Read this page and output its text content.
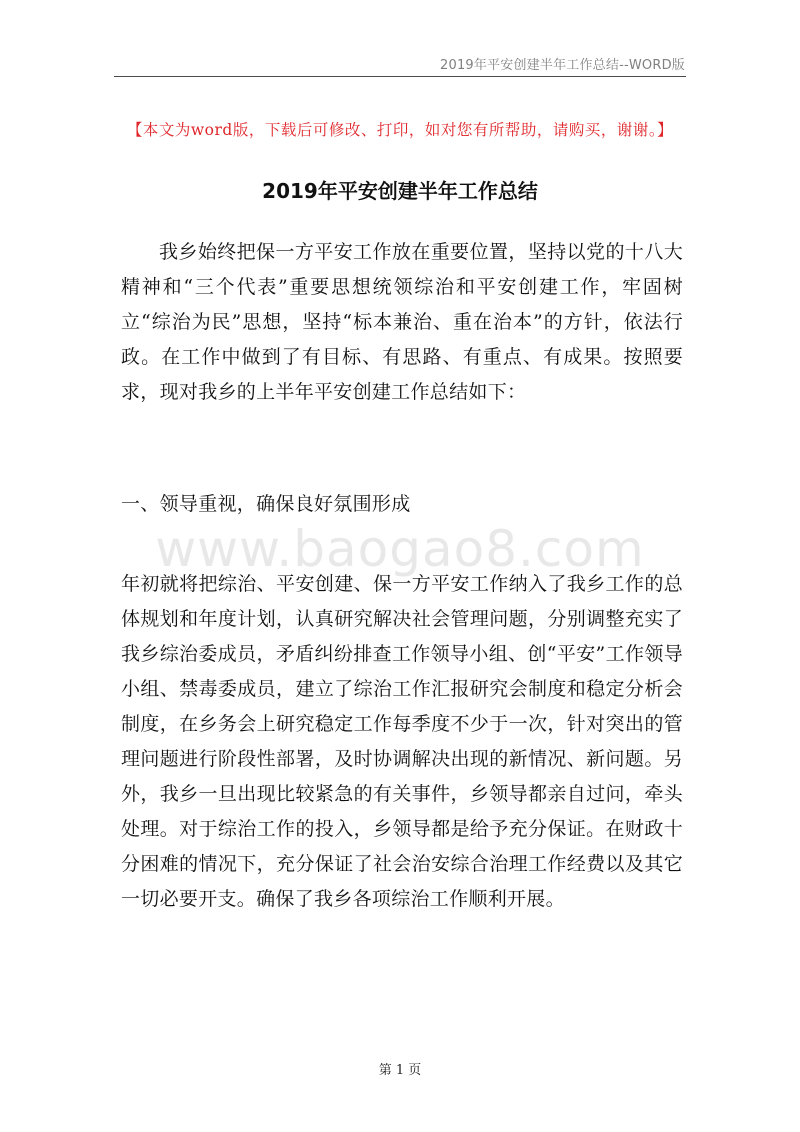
2019年平安创建半年工作总结--WORD版
【本文为word版，下载后可修改、打印，如对您有所帮助，请购买，谢谢。】
2019年平安创建半年工作总结
我乡始终把保一方平安工作放在重要位置，坚持以党的十八大精神和“三个代表”重要思想统领综治和平安创建工作，牢固树立“综治为民”思想，坚持“标本兼治、重在治本”的方针，依法行政。在工作中做到了有目标、有思路、有重点、有成果。按照要求，现对我乡的上半年平安创建工作总结如下：
一、领导重视，确保良好氛围形成
www.baogao8.com
年初就将把综治、平安创建、保一方平安工作纳入了我乡工作的总体规划和年度计划，认真研究解决社会管理问题，分别调整充实了我乡综治委成员，矛盾纠纷排查工作领导小组、创“平安”工作领导小组、禁毒委成员，建立了综治工作汇报研究会制度和稳定分析会制度，在乡务会上研究稳定工作每季度不少于一次，针对突出的管理问题进行阶段性部署，及时协调解决出现的新情况、新问题。另外，我乡一旦出现比较紧急的有关事件，乡领导都亲自过问，牵头处理。对于综治工作的投入，乡领导都是给予充分保证。在财政十分困难的情况下，充分保证了社会治安综合治理工作经费以及其它一切必要开支。确保了我乡各项综治工作顺利开展。
第 1 页
